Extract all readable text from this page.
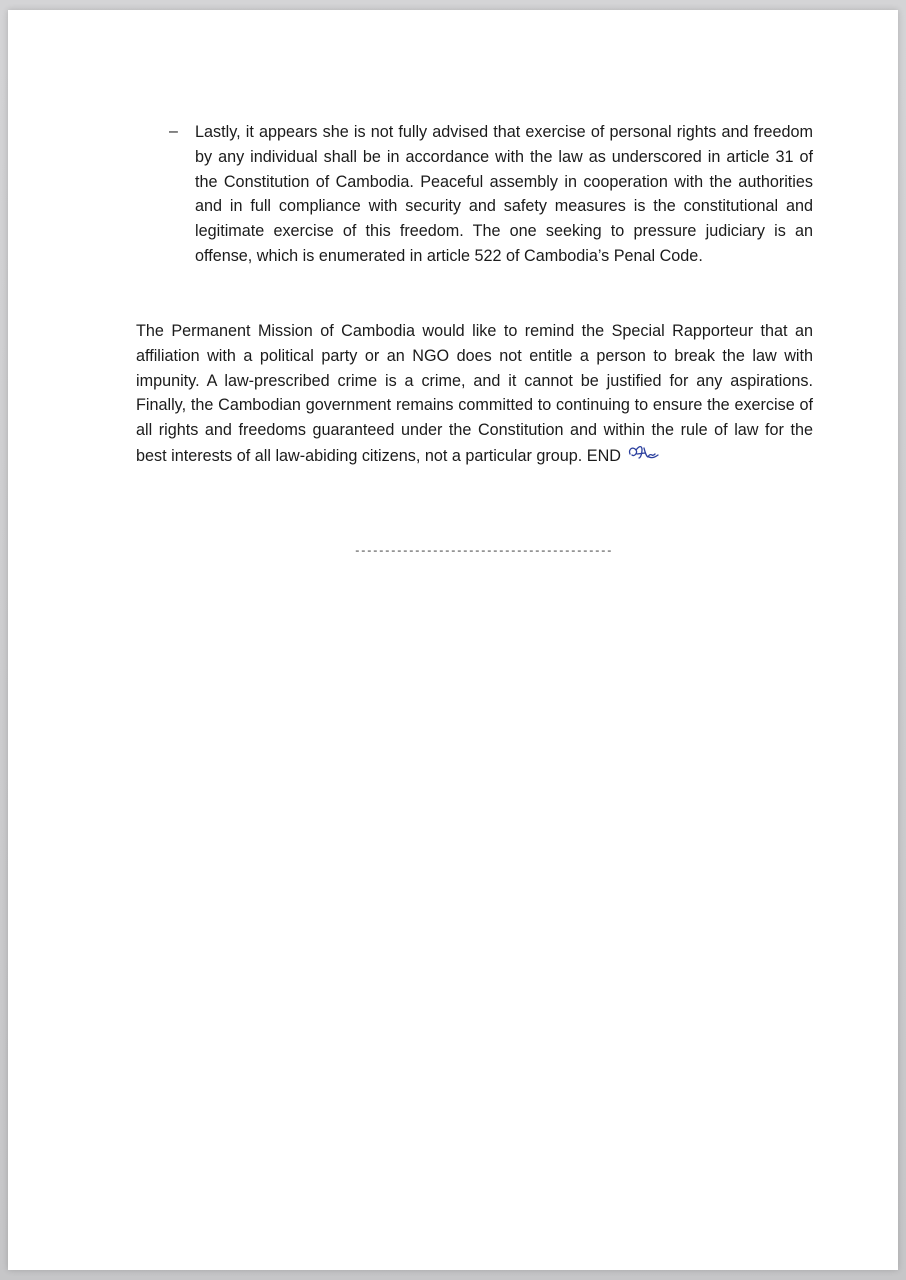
– Lastly, it appears she is not fully advised that exercise of personal rights and freedom by any individual shall be in accordance with the law as underscored in article 31 of the Constitution of Cambodia. Peaceful assembly in cooperation with the authorities and in full compliance with security and safety measures is the constitutional and legitimate exercise of this freedom. The one seeking to pressure judiciary is an offense, which is enumerated in article 522 of Cambodia’s Penal Code.
The Permanent Mission of Cambodia would like to remind the Special Rapporteur that an affiliation with a political party or an NGO does not entitle a person to break the law with impunity. A law-prescribed crime is a crime, and it cannot be justified for any aspirations. Finally, the Cambodian government remains committed to continuing to ensure the exercise of all rights and freedoms guaranteed under the Constitution and within the rule of law for the best interests of all law-abiding citizens, not a particular group. END
-------------------------------------------
